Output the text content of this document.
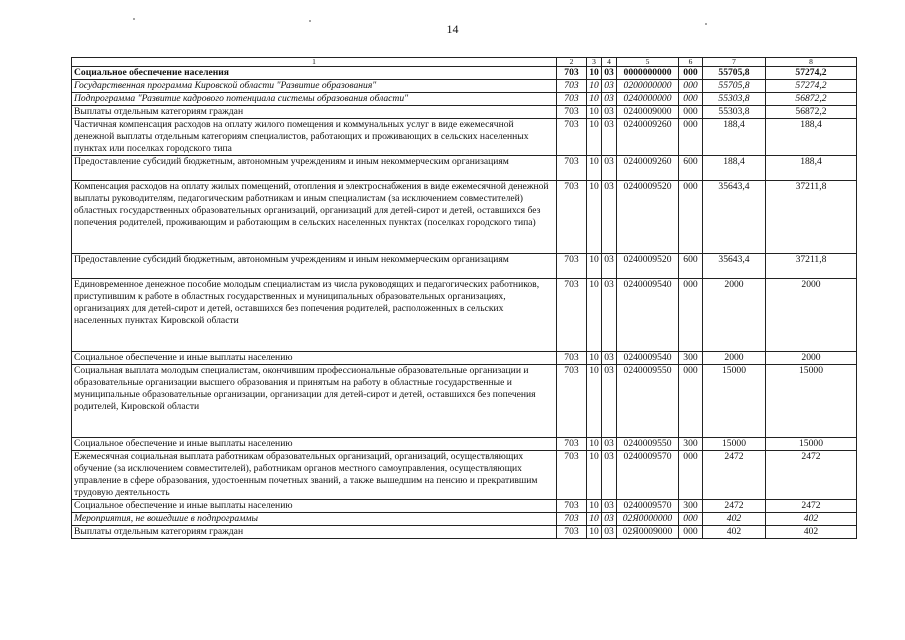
14
1	2	3	4	5	6	7	8
Социальное обеспечение населения	703	10	03	0000000000	000	55705,8	57274,2
Государственная программа Кировской области "Развитие образования"	703	10	03	0200000000	000	55705,8	57274,2
Подпрограмма "Развитие кадрового потенциала системы образования области"	703	10	03	0240000000	000	55303,8	56872,2
Выплаты отдельным категориям граждан	703	10	03	0240009000	000	55303,8	56872,2
Частичная компенсация расходов на оплату жилого помещения и коммунальных услуг в виде ежемесячной денежной выплаты отдельным категориям специалистов, работающих и проживающих в сельских населенных пунктах или поселках городского типа	703	10	03	0240009260	000	188,4	188,4
Предоставление субсидий бюджетным, автономным учреждениям и иным некоммерческим организациям	703	10	03	0240009260	600	188,4	188,4
Компенсация расходов на оплату жилых помещений, отопления и электроснабжения в виде ежемесячной денежной выплаты руководителям, педагогическим работникам и иным специалистам (за исключением совместителей) областных государственных образовательных организаций, организаций для детей-сирот и детей, оставшихся без попечения родителей, проживающим и работающим в сельских населенных пунктах (поселках городского типа)	703	10	03	0240009520	000	35643,4	37211,8
Предоставление субсидий бюджетным, автономным учреждениям и иным некоммерческим организациям	703	10	03	0240009520	600	35643,4	37211,8
Единовременное денежное пособие молодым специалистам из числа руководящих и педагогических работников, приступившим к работе в областных государственных и муниципальных образовательных организациях, организациях для детей-сирот и детей, оставшихся без попечения родителей, расположенных в сельских населенных пунктах Кировской области	703	10	03	0240009540	000	2000	2000
Социальное обеспечение и иные выплаты населению	703	10	03	0240009540	300	2000	2000
Социальная выплата молодым специалистам, окончившим профессиональные образовательные организации и образовательные организации высшего образования и принятым на работу в областные государственные и муниципальные образовательные организации, организации для детей-сирот и детей, оставшихся без попечения родителей, Кировской области	703	10	03	0240009550	000	15000	15000
Социальное обеспечение и иные выплаты населению	703	10	03	0240009550	300	15000	15000
Ежемесячная социальная выплата работникам образовательных организаций, организаций, осуществляющих обучение (за исключением совместителей), работникам органов местного самоуправления, осуществляющих управление в сфере образования, удостоенным почетных званий, а также вышедшим на пенсию и прекратившим трудовую деятельность	703	10	03	0240009570	000	2472	2472
Социальное обеспечение и иные выплаты населению	703	10	03	0240009570	300	2472	2472
Мероприятия, не вошедшие в подпрограммы	703	10	03	02Я0000000	000	402	402
Выплаты отдельным категориям граждан	703	10	03	02Я0009000	000	402	402
